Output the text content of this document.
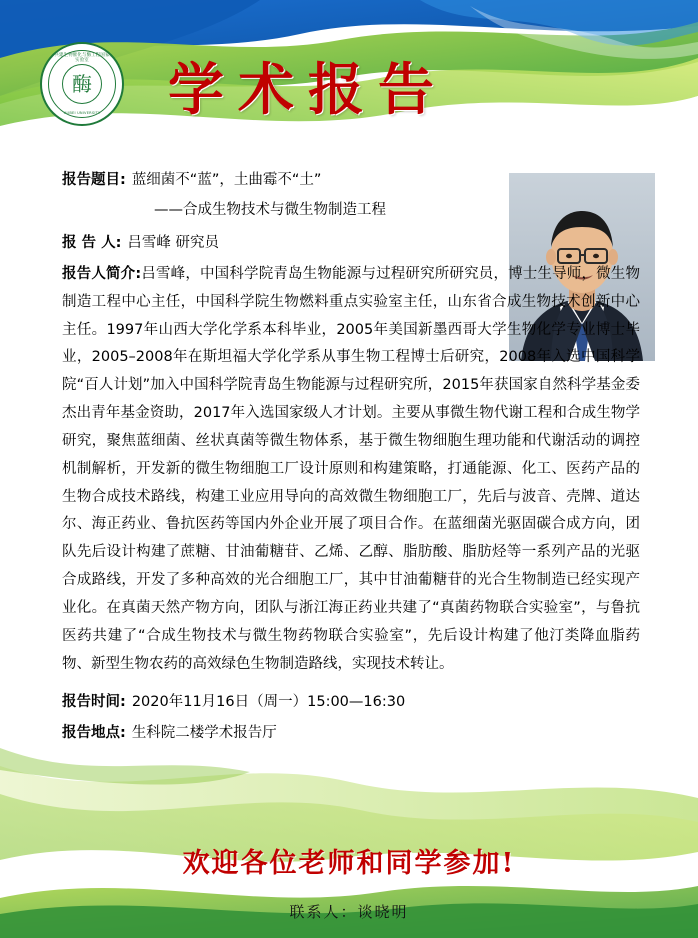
省部共建生物催化与酶工程国家重点实验室
酶
HUBEI UNIVERSITY	学术报告
报告题目: 蓝细菌不“蓝”，土曲霉不“土”
——合成生物技术与微生物制造工程
报 告 人: 吕雪峰 研究员
报告人简介:吕雪峰，中国科学院青岛生物能源与过程研究所研究员，博士生导师，微生物制造工程中心主任，中国科学院生物燃料重点实验室主任，山东省合成生物技术创新中心主任。1997年山西大学化学系本科毕业，2005年美国新墨西哥大学生物化学专业博士毕业，2005–2008年在斯坦福大学化学系从事生物工程博士后研究，2008年入选中国科学院“百人计划”加入中国科学院青岛生物能源与过程研究所，2015年获国家自然科学基金委杰出青年基金资助，2017年入选国家级人才计划。主要从事微生物代谢工程和合成生物学研究，聚焦蓝细菌、丝状真菌等微生物体系，基于微生物细胞生理功能和代谢活动的调控机制解析，开发新的微生物细胞工厂设计原则和构建策略，打通能源、化工、医药产品的生物合成技术路线，构建工业应用导向的高效微生物细胞工厂，先后与波音、壳牌、道达尔、海正药业、鲁抗医药等国内外企业开展了项目合作。在蓝细菌光驱固碳合成方向，团队先后设计构建了蔗糖、甘油葡糖苷、乙烯、乙醇、脂肪酸、脂肪烃等一系列产品的光驱合成路线，开发了多种高效的光合细胞工厂，其中甘油葡糖苷的光合生物制造已经实现产业化。在真菌天然产物方向，团队与浙江海正药业共建了“真菌药物联合实验室”，与鲁抗医药共建了“合成生物技术与微生物药物联合实验室”，先后设计构建了他汀类降血脂药物、新型生物农药的高效绿色生物制造路线，实现技术转让。
报告时间: 2020年11月16日（周一）15:00—16:30
报告地点: 生科院二楼学术报告厅
欢迎各位老师和同学参加!
联系人：谈晓明
